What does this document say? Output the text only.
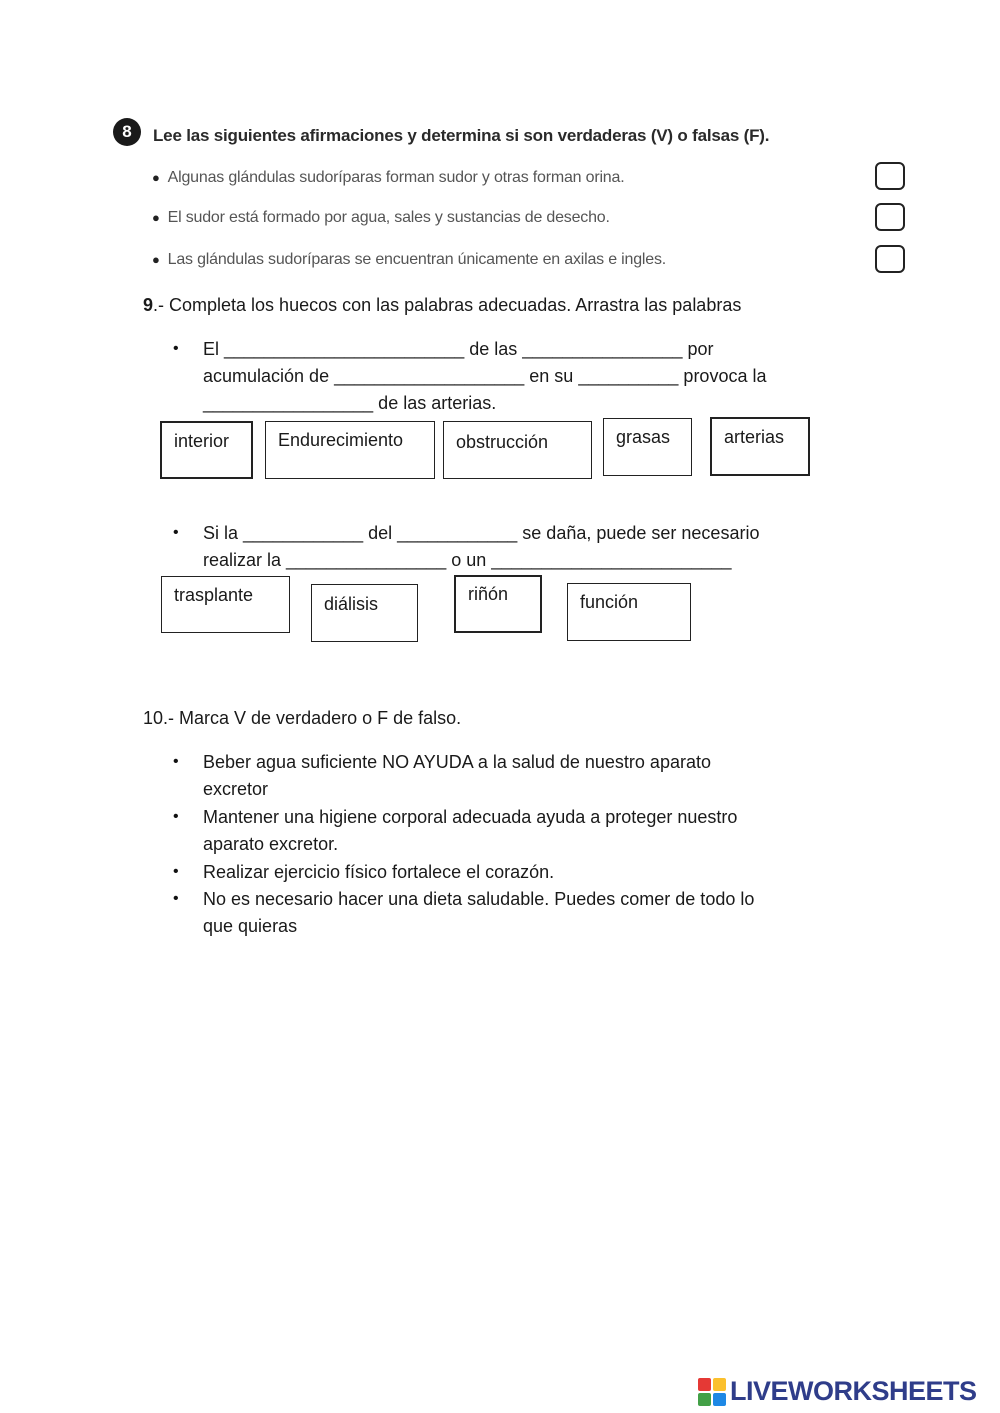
8	Lee las siguientes afirmaciones y determina si son verdaderas (V) o falsas (F).
● Algunas glándulas sudoríparas forman sudor y otras forman orina.
● El sudor está formado por agua, sales y sustancias de desecho.
● Las glándulas sudoríparas se encuentran únicamente en axilas e ingles.
9.- Completa los huecos con las palabras adecuadas. Arrastra las palabras
• El ________________________ de las ________________ por
acumulación de ___________________ en su __________ provoca la
_________________ de las arterias.
interior	Endurecimiento	obstrucción	grasas	arterias
• Si la ____________ del ____________ se daña, puede ser necesario
realizar la ________________ o un ________________________
trasplante	diálisis	riñón	función
10.- Marca V de verdadero o F de falso.
• Beber agua suficiente NO AYUDA a la salud de nuestro aparato
excretor
• Mantener una higiene corporal adecuada ayuda a proteger nuestro
aparato excretor.
• Realizar ejercicio físico fortalece el corazón.
• No es necesario hacer una dieta saludable. Puedes comer de todo lo
que quieras
LIVEWORKSHEETS
